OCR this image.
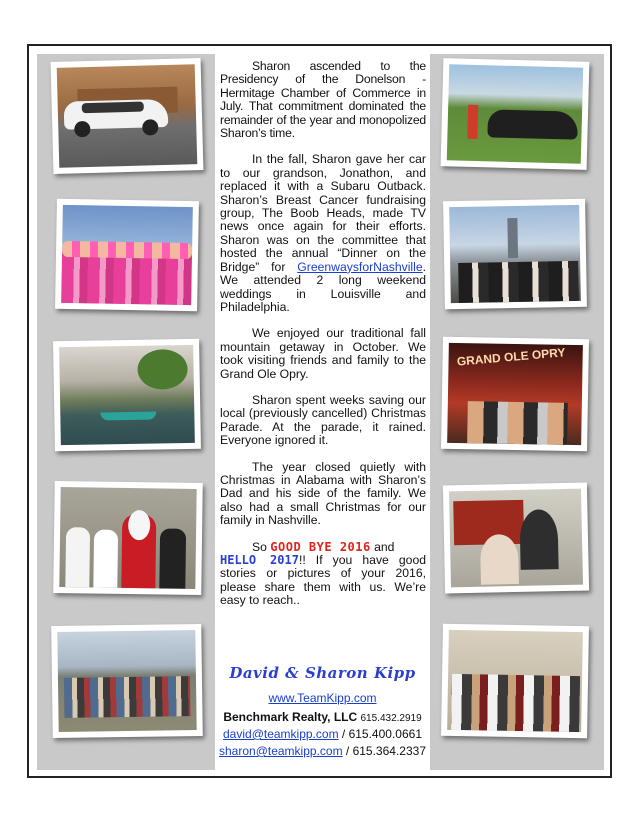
GRAND OLE OPRY

Sharon ascended to the Presidency of the Donelson - Hermitage Chamber of Commerce in July. That commitment dominated the remainder of the year and monopolized Sharon’s time.

In the fall, Sharon gave her car to our grandson, Jonathon, and replaced it with a Subaru Outback. Sharon’s Breast Cancer fundraising group, The Boob Heads, made TV news once again for their efforts. Sharon was on the committee that hosted the annual “Dinner on the Bridge” for GreenwaysforNashville. We attended 2 long weekend weddings in Louisville and Philadelphia.

We enjoyed our traditional fall mountain getaway in October. We took visiting friends and family to the Grand Ole Opry.

Sharon spent weeks saving our local (previously cancelled) Christmas Parade. At the parade, it rained. Everyone ignored it.

The year closed quietly with Christmas in Alabama with Sharon’s Dad and his side of the family. We also had a small Christmas for our family in Nashville.

So GOOD BYE 2016 and
HELLO 2017!! If you have good stories or pictures of your 2016, please share them with us. We’re easy to reach..

David & Sharon Kipp
www.TeamKipp.com
Benchmark Realty, LLC 615.432.2919
david@teamkipp.com / 615.400.0661
sharon@teamkipp.com / 615.364.2337
